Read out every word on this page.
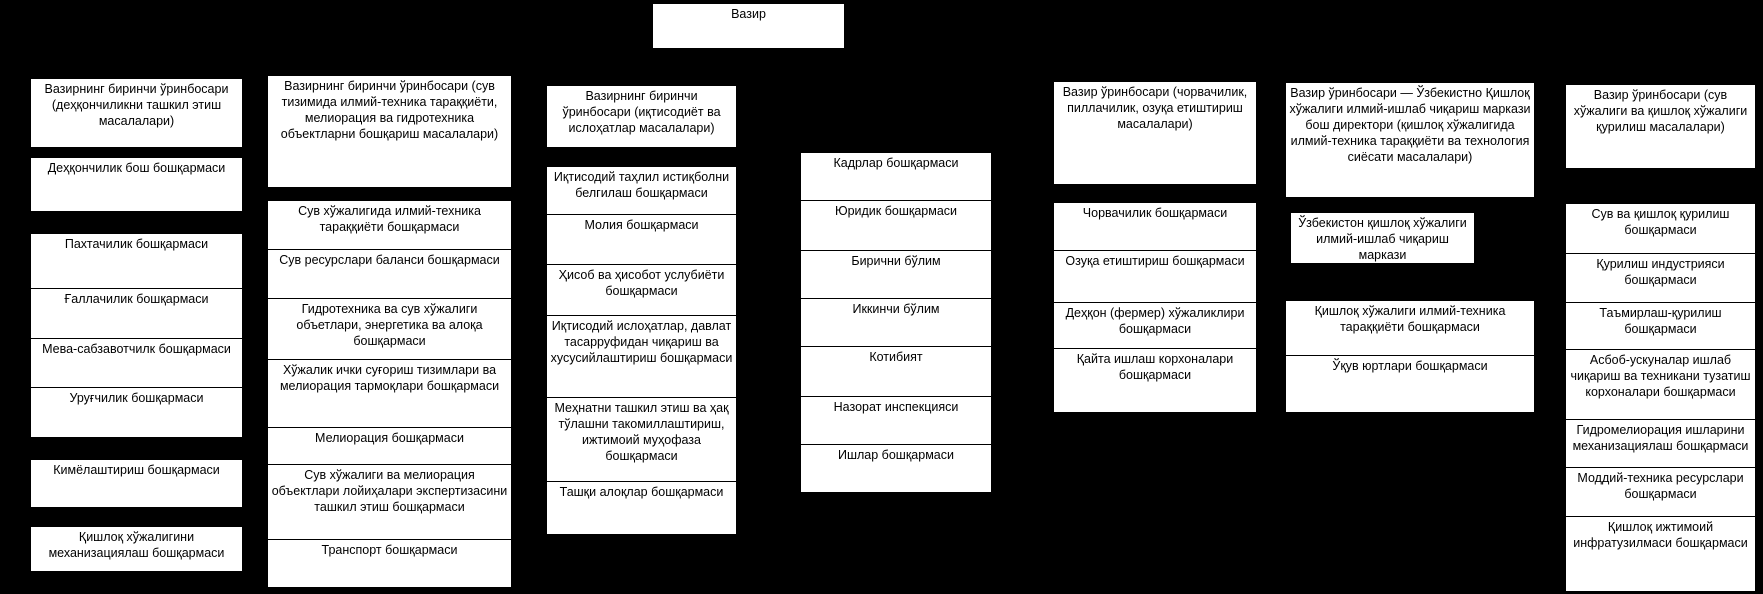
Вазир
Вазирнинг биринчи ўринбосари (деҳқончиликни ташкил этиш масалалари)
Деҳқончилик бош бошқармаси
Пахтачилик бошқармаси
Ғаллачилик бошқармаси
Мева-сабзавотчилк бошқармаси
Уруғчилик бошқармаси
Кимёлаштириш бошқармаси
Қишлоқ хўжалигини механизациялаш бошқармаси
Вазирнинг биринчи ўринбосари (сув тизимида илмий-техника тараққиёти, мелиорация ва гидротехника объектларни бошқариш масалалари)
Сув хўжалигида илмий-техника тараққиёти бошқармаси
Сув ресурслари баланси бошқармаси
Гидротехника ва сув хўжалиги объетлари, энергетика ва алоқа бошқармаси
Хўжалик ички суғориш тизимлари ва мелиорация тармоқлари бошқармаси
Мелиорация бошқармаси
Сув хўжалиги ва мелиорация объектлари лойиҳалари экспертизасини ташкил этиш бошқармаси
Транспорт бошқармаси
Вазирнинг биринчи ўринбосари (иқтисодиёт ва ислоҳатлар масалалари)
Иқтисодий таҳлил истиқболни белгилаш бошқармаси
Молия бошқармаси
Ҳисоб ва ҳисобот услубиёти бошқармаси
Иқтисодий ислоҳатлар, давлат тасарруфидан чиқариш ва хусусийлаштириш бошқармаси
Меҳнатни ташкил этиш ва ҳақ тўлашни такомиллаштириш, ижтимоий муҳофаза бошқармаси
Ташқи алоқлар бошқармаси
Кадрлар бошқармаси
Юридик бошқармаси
Бирични бўлим
Иккинчи бўлим
Котибият
Назорат инспекцияси
Ишлар бошқармаси
Вазир ўринбосари (чорвачилик, пиллачилик, озуқа етиштириш масалалари)
Чорвачилик бошқармаси
Озуқа етиштириш бошқармаси
Деҳқон (фермер) хўжаликлири бошқармаси
Қайта ишлаш корхоналари бошқармаси
Вазир ўринбосари — Ўзбекистно Қишлоқ хўжалиги илмий-ишлаб чиқариш маркази бош директори (қишлоқ хўжалигида илмий-техника тараққиёти ва технология сиёсати масалалари)
Ўзбекистон қишлоқ хўжалиги илмий-ишлаб чиқариш маркази
Қишлоқ хўжалиги илмий-техника тараққиёти бошқармаси
Ўқув юртлари бошқармаси
Вазир ўринбосари (сув хўжалиги ва қишлоқ хўжалиги қурилиш масалалари)
Сув ва қишлоқ қурилиш бошқармаси
Қурилиш индустрияси бошқармаси
Таъмирлаш-қурилиш бошқармаси
Асбоб-ускуналар ишлаб чиқариш ва техникани тузатиш корхоналари бошқармаси
Гидромелиорация ишларини механизациялаш бошқармаси
Моддий-техника ресурслари бошқармаси
Қишлоқ ижтимоий инфратузилмаси бошқармаси
